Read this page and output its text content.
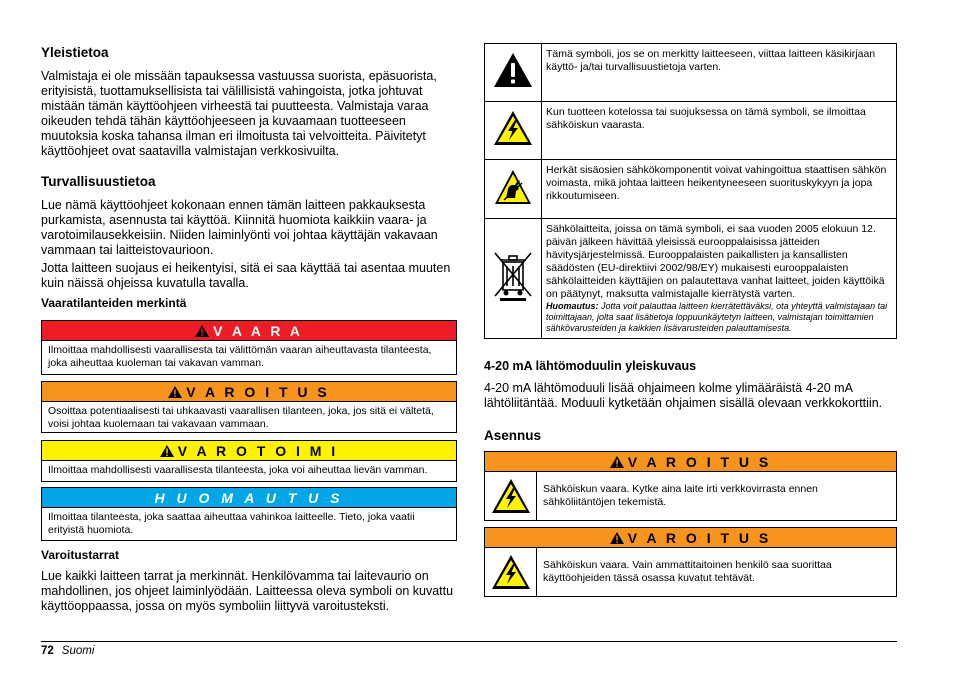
Yleistietoa

Valmistaja ei ole missään tapauksessa vastuussa suorista, epäsuorista, erityisistä, tuottamuksellisista tai välillisistä vahingoista, jotka johtuvat mistään tämän käyttöohjeen virheestä tai puutteesta. Valmistaja varaa oikeuden tehdä tähän käyttöohjeeseen ja kuvaamaan tuotteeseen muutoksia koska tahansa ilman eri ilmoitusta tai velvoitteita. Päivitetyt käyttöohjeet ovat saatavilla valmistajan verkkosivuilta.

Turvallisuustietoa

Lue nämä käyttöohjeet kokonaan ennen tämän laitteen pakkauksesta purkamista, asennusta tai käyttöä. Kiinnitä huomiota kaikkiin vaara- ja varotoimilausekkeisiin. Niiden laiminlyönti voi johtaa käyttäjän vakavaan vammaan tai laitteistovaurioon.

Jotta laitteen suojaus ei heikentyisi, sitä ei saa käyttää tai asentaa muuten kuin näissä ohjeissa kuvatulla tavalla.

Vaaratilanteiden merkintä
V A A R A
Ilmoittaa mahdollisesti vaarallisesta tai välittömän vaaran aiheuttavasta tilanteesta, joka aiheuttaa kuoleman tai vakavan vamman.
V A R O I T U S
Osoittaa potentiaalisesti tai uhkaavasti vaarallisen tilanteen, joka, jos sitä ei vältetä, voisi johtaa kuolemaan tai vakavaan vammaan.
V A R O T O I M I
Ilmoittaa mahdollisesti vaarallisesta tilanteesta, joka voi aiheuttaa lievän vamman.
H U O M A U T U S
Ilmoittaa tilanteesta, joka saattaa aiheuttaa vahinkoa laitteelle. Tieto, joka vaatii erityistä huomiota.
Varoitustarrat

Lue kaikki laitteen tarrat ja merkinnät. Henkilövamma tai laitevaurio on mahdollinen, jos ohjeet laiminlyödään. Laitteessa oleva symboli on kuvattu käyttöoppaassa, jossa on myös symboliin liittyvä varoitusteksti.

	Tämä symboli, jos se on merkitty laitteeseen, viittaa laitteen käsikirjaan käyttö- ja/tai turvallisuustietoja varten.
	Kun tuotteen kotelossa tai suojuksessa on tämä symboli, se ilmoittaa sähköiskun vaarasta.
	Herkät sisäosien sähkökomponentit voivat vahingoittua staattisen sähkön voimasta, mikä johtaa laitteen heikentyneeseen suorituskykyyn ja jopa rikkoutumiseen.

Sähkölaitteita, joissa on tämä symboli, ei saa vuoden 2005 elokuun 12. päivän jälkeen hävittää yleisissä eurooppalaisissa jätteiden hävitysjärjestelmissä. Eurooppalaisten paikallisten ja kansallisten säädösten (EU-direktiivi 2002/98/EY) mukaisesti eurooppalaisten sähkölaitteiden käyttäjien on palautettava vanhat laitteet, joiden käyttöikä on päätynyt, maksutta valmistajalle kierrätystä varten.
Huomautus: Jotta voit palauttaa laitteen kierrätettäväksi, ota yhteyttä valmistajaan tai toimittajaan, jolta saat lisätietoja loppuunkäytetyn laitteen, valmistajan toimittamien sähkövarusteiden ja kaikkien lisävarusteiden palauttamisesta.
4-20 mA lähtömoduulin yleiskuvaus

4-20 mA lähtömoduuli lisää ohjaimeen kolme ylimääräistä 4-20 mA lähtöliitäntää. Moduuli kytketään ohjaimen sisällä olevaan verkkokorttiin.

Asennus
V A R O I T U S
Sähköiskun vaara. Kytke aina laite irti verkkovirrasta ennen sähköliitäntöjen tekemistä.
V A R O I T U S
Sähköiskun vaara. Vain ammattitaitoinen henkilö saa suorittaa käyttöohjeiden tässä osassa kuvatut tehtävät.
72 Suomi
